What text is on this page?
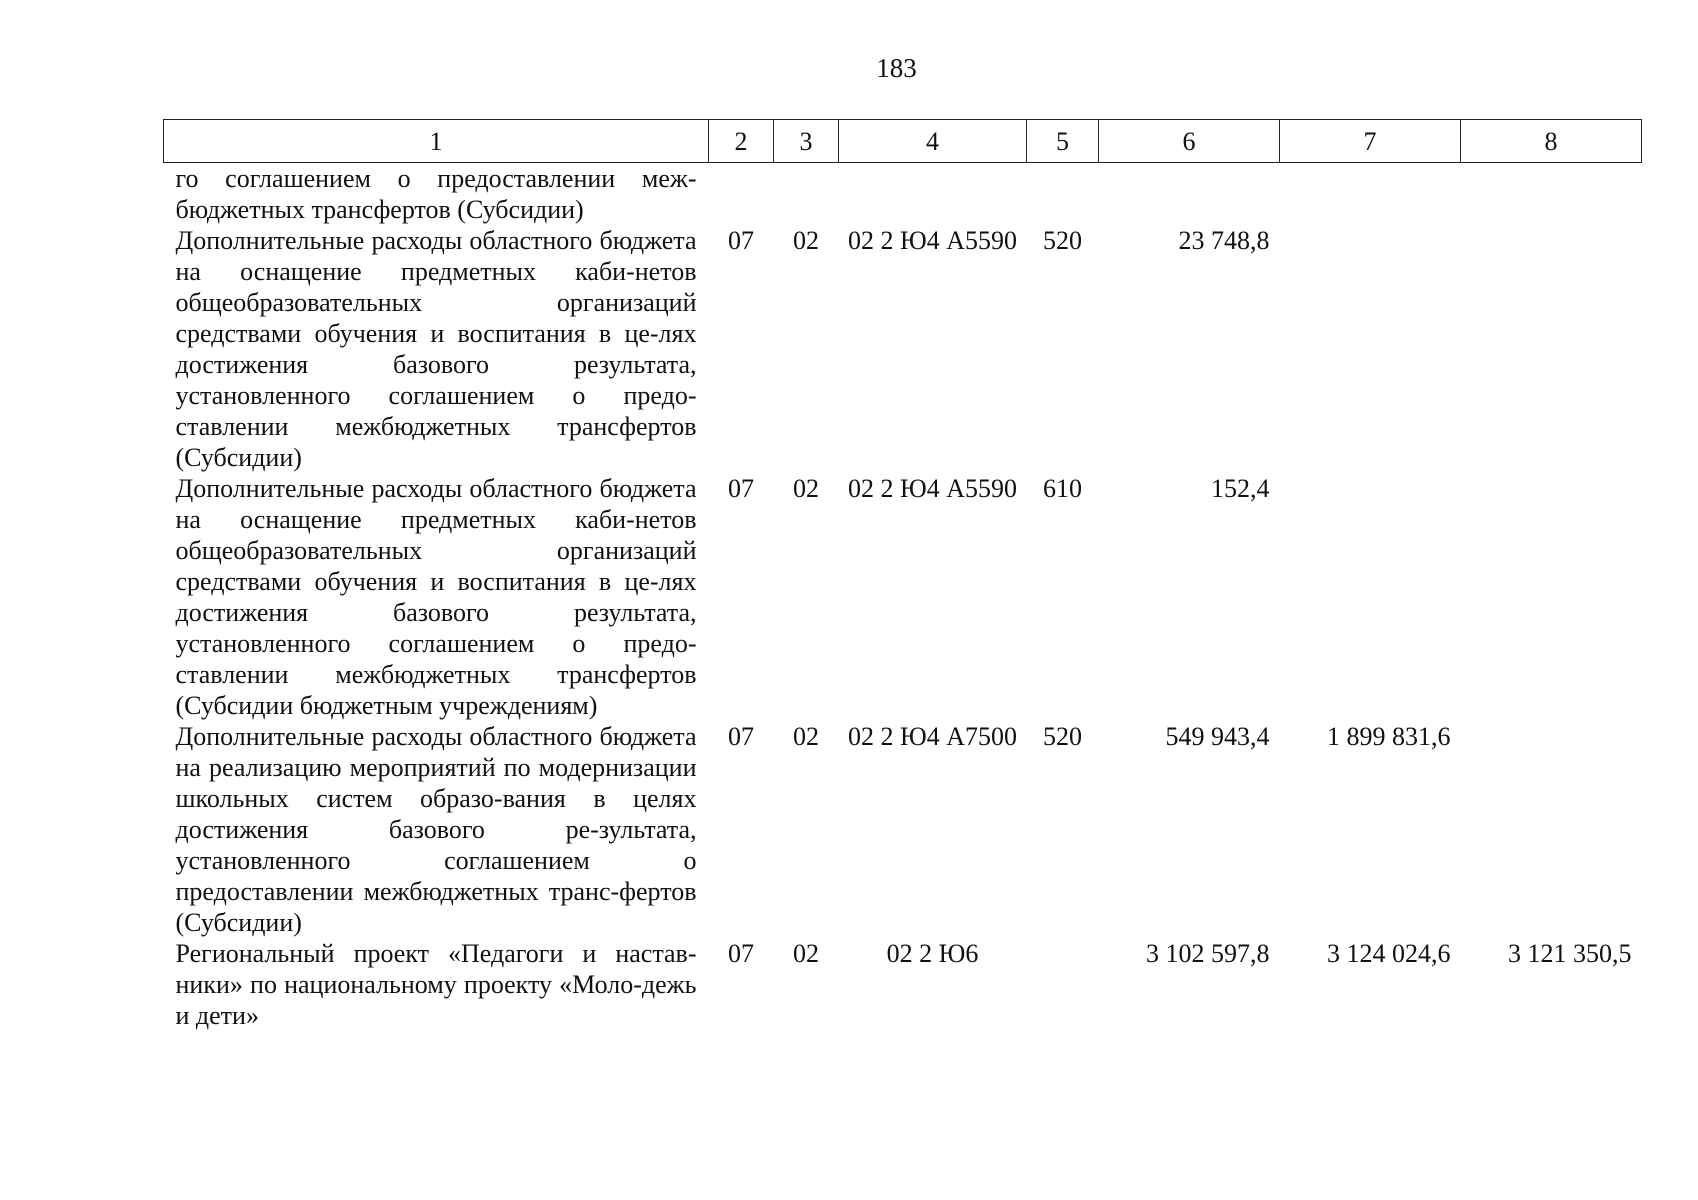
183
1	2	3	4	5	6	7	8
го соглашением о предоставлении меж-бюджетных трансфертов (Субсидии)							
Дополнительные расходы областного бюджета на оснащение предметных каби-нетов общеобразовательных организаций средствами обучения и воспитания в це-лях достижения базового результата, установленного соглашением о предо-ставлении межбюджетных трансфертов (Субсидии)	07	02	02 2 Ю4 А5590	520	23 748,8		
Дополнительные расходы областного бюджета на оснащение предметных каби-нетов общеобразовательных организаций средствами обучения и воспитания в це-лях достижения базового результата, установленного соглашением о предо-ставлении межбюджетных трансфертов (Субсидии бюджетным учреждениям)	07	02	02 2 Ю4 А5590	610	152,4		
Дополнительные расходы областного бюджета на реализацию мероприятий по модернизации школьных систем образо-вания в целях достижения базового ре-зультата, установленного соглашением о предоставлении межбюджетных транс-фертов (Субсидии)	07	02	02 2 Ю4 А7500	520	549 943,4	1 899 831,6	
Региональный проект «Педагоги и настав-ники» по национальному проекту «Моло-дежь и дети»	07	02	02 2 Ю6		3 102 597,8	3 124 024,6	3 121 350,5
